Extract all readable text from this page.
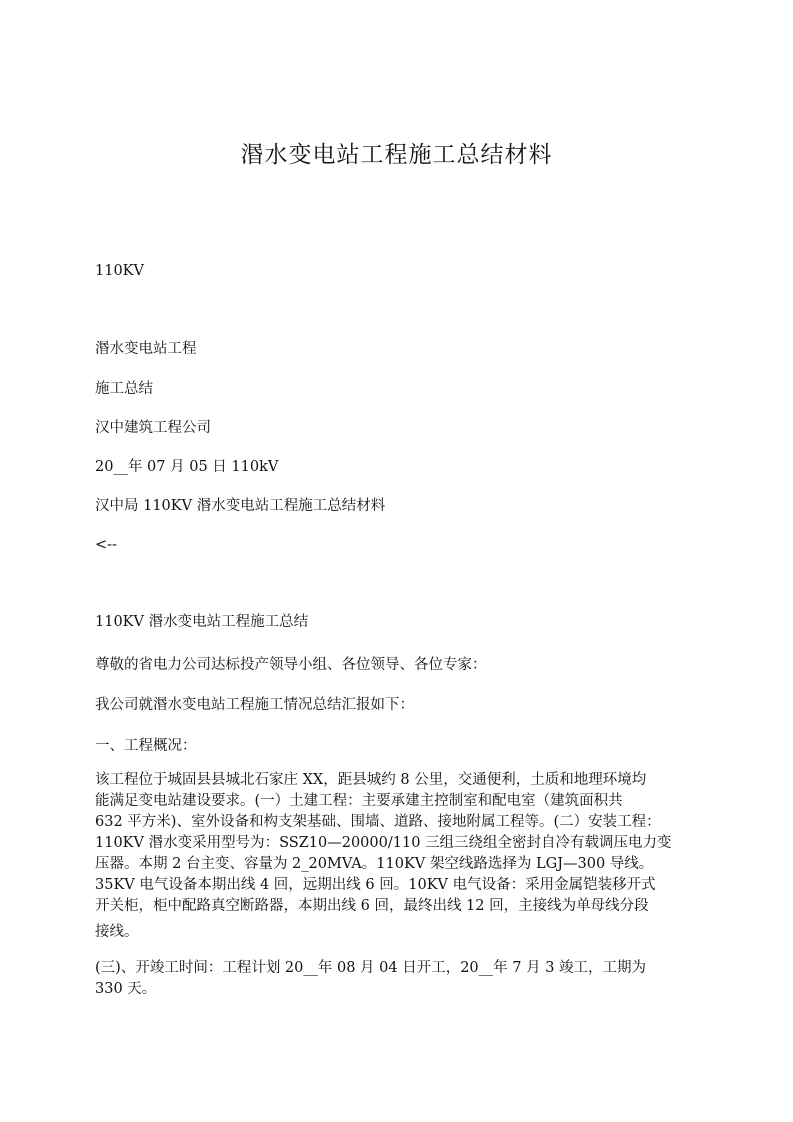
湣水变电站工程施工总结材料
110KV
湣水变电站工程
施工总结
汉中建筑工程公司
20__年 07 月 05 日 110kV
汉中局 110KV 湣水变电站工程施工总结材料
<--
110KV 湣水变电站工程施工总结
尊敬的省电力公司达标投产领导小组、各位领导、各位专家：
我公司就湣水变电站工程施工情况总结汇报如下：
一、工程概况：

该工程位于城固县县城北石家庄 XX，距县城约 8 公里，交通便利，土质和地理环境均

能满足变电站建设要求。(一）土建工程：主要承建主控制室和配电室（建筑面积共

632 平方米)、室外设备和构支架基础、围墙、道路、接地附属工程等。(二）安装工程：

110KV 湣水变采用型号为：SSZ10—20000/110 三组三绕组全密封自冷有载调压电力变

压器。本期 2 台主变、容量为 2_20MVA。110KV 架空线路选择为 LGJ—300 导线。

35KV 电气设备本期出线 4 回，远期出线 6 回。10KV 电气设备：采用金属铠装移开式

开关柜，柜中配路真空断路器，本期出线 6 回，最终出线 12 回，主接线为单母线分段

接线。

(三)、开竣工时间：工程计划 20__年 08 月 04 日开工，20__年 7 月 3 竣工，工期为

330 天。
